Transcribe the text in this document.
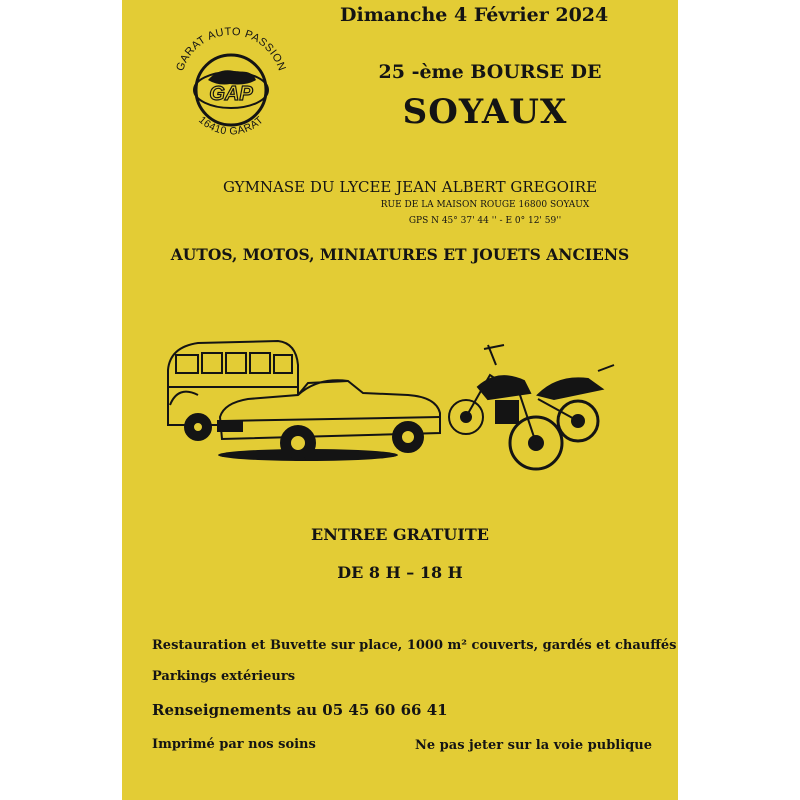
Dimanche 4 Février 2024
GARAT AUTO PASSION
16410 GARAT
GAP
25 -ème BOURSE DE
SOYAUX
GYMNASE DU LYCEE JEAN ALBERT GREGOIRE
RUE DE LA MAISON ROUGE 16800 SOYAUX
GPS N 45° 37' 44 '' - E 0° 12' 59''
AUTOS, MOTOS, MINIATURES ET JOUETS ANCIENS
ENTREE GRATUITE
DE 8 H – 18 H
Restauration et Buvette sur place, 1000 m² couverts, gardés et chauffés
Parkings extérieurs
Renseignements au 05 45 60 66 41
Imprimé par nos soins	Ne pas jeter sur la voie publique
